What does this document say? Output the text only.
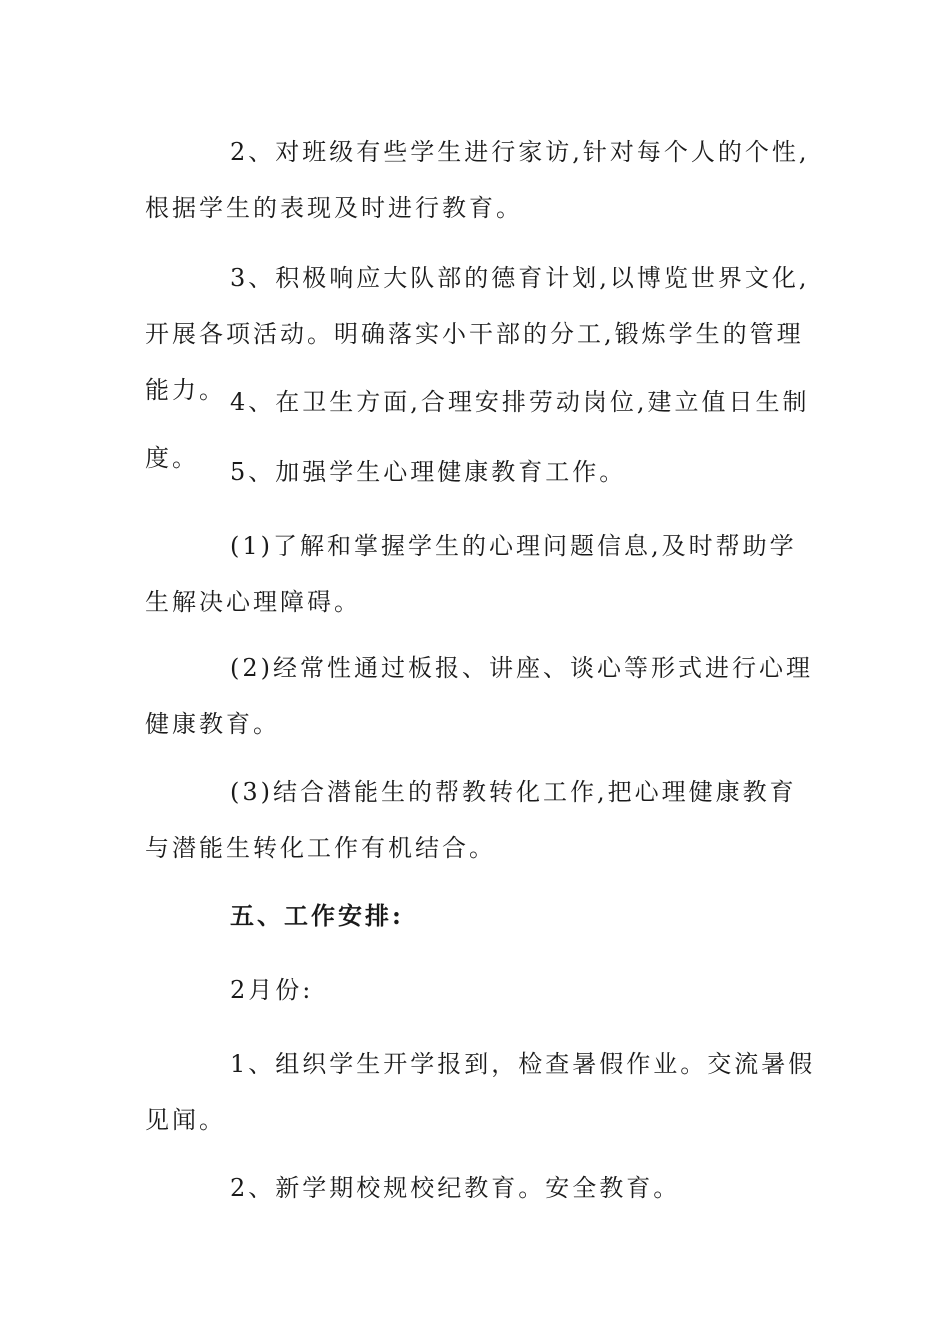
2、对班级有些学生进行家访,针对每个人的个性,根据学生的表现及时进行教育。

3、积极响应大队部的德育计划,以博览世界文化,开展各项活动。明确落实小干部的分工,锻炼学生的管理能力。 4、在卫生方面,合理安排劳动岗位,建立值日生制度。	5、加强学生心理健康教育工作。

(1)了解和掌握学生的心理问题信息,及时帮助学生解决心理障碍。

(2)经常性通过板报、讲座、谈心等形式进行心理健康教育。

(3)结合潜能生的帮教转化工作,把心理健康教育与潜能生转化工作有机结合。

五、工作安排:

2月份:

1、组织学生开学报到，检查暑假作业。交流暑假见闻。

2、新学期校规校纪教育。安全教育。
